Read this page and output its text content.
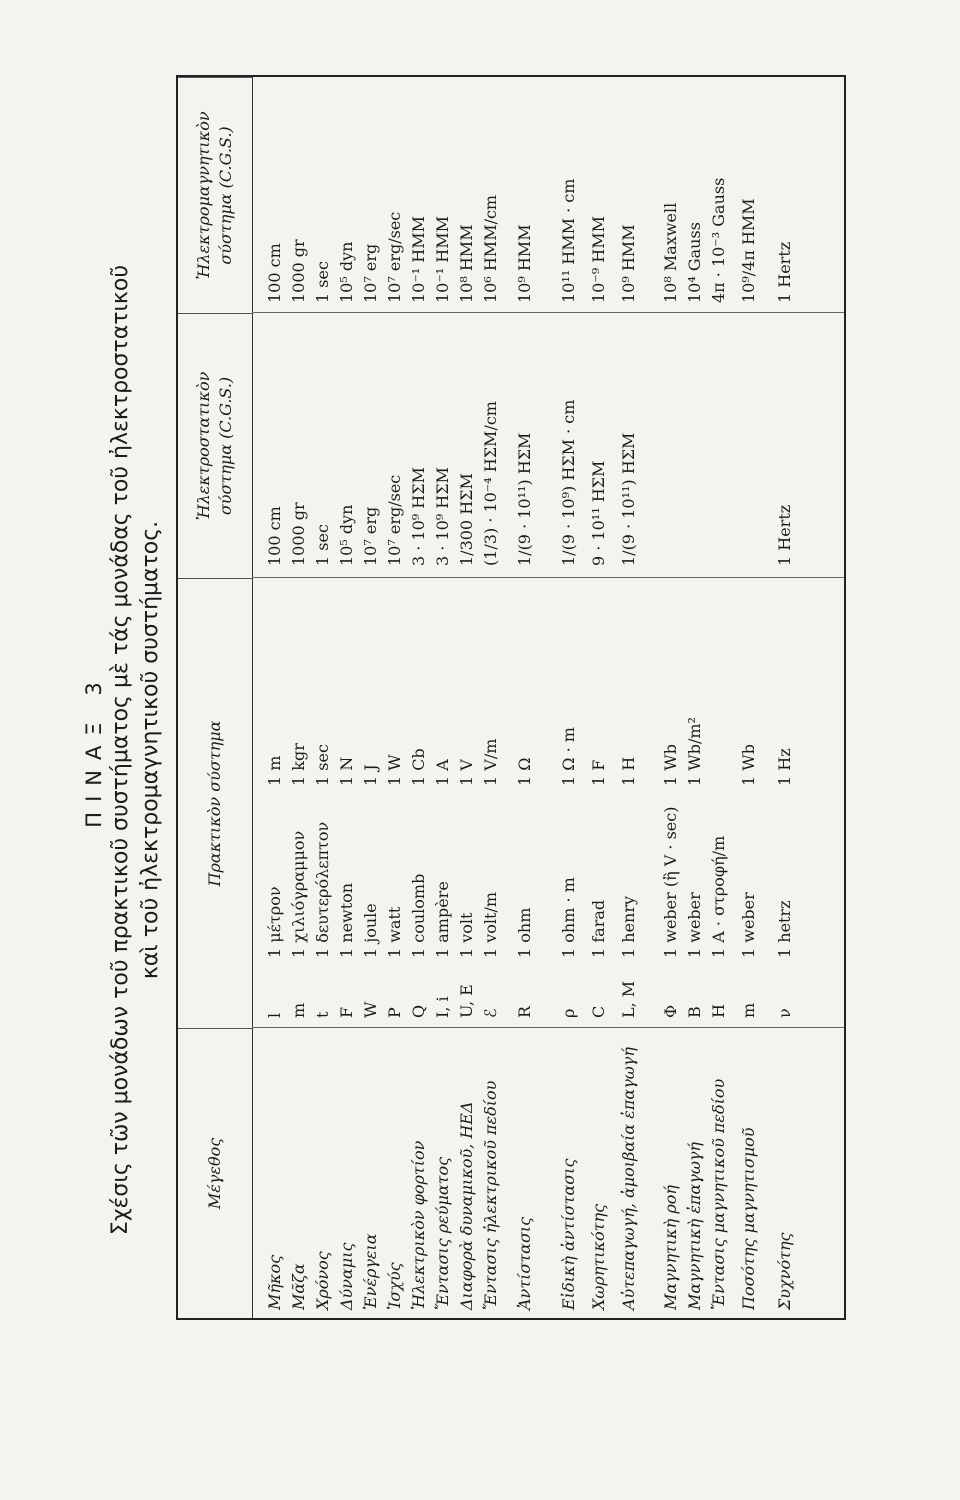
ΠΙΝΑΞ 3 Σχέσις τῶν μονάδων τοῦ πρακτικοῦ συστήματος μὲ τάς μονάδας τοῦ ἠλεκτροστατικοῦ καὶ τοῦ ἠλεκτρομαγνητικοῦ συστήματος.
Μέγεθος
Πρακτικὸν σύστημα
Ἠλεκτροστατικὸν σύστημα (C.G.S.)
Ἠλεκτρομαγνητικὸν σύστημα (C.G.S.)
Μῆκος
l
1 μέτρον
1 m
100 cm
100 cm
Μᾶζα
m
1 χιλιόγραμμον
1 kgr
1000 gr
1000 gr
Χρόνος
t
1 δευτερόλεπτον
1 sec
1 sec
1 sec
Δύναμις
F
1 newton
1 N
10⁵ dyn
10⁵ dyn
Ἐνέργεια
W
1 joule
1 J
10⁷ erg
10⁷ erg
Ἰσχύς
P
1 watt
1 W
10⁷ erg/sec
10⁷ erg/sec
Ἠλεκτρικὸν φορτίον
Q
1 coulomb
1 Cb
3 · 10⁹ ΗΣΜ
10⁻¹ ΗΜΜ
Ἔντασις ρεύματος
I, i
1 ampère
1 A
3 · 10⁹ ΗΣΜ
10⁻¹ ΗΜΜ
Διαφορὰ δυναμικοῦ, ΗΕΔ
U, E
1 volt
1 V
1/300 ΗΣΜ
10⁸ ΗΜΜ
Ἔντασις ἠλεκτρικοῦ πεδίου
ℰ
1 volt/m
1 V/m
(1/3) · 10⁻⁴ ΗΣΜ/cm
10⁶ ΗΜΜ/cm
Ἀντίστασις
R
1 ohm
1 Ω
1/(9 · 10¹¹) ΗΣΜ
10⁹ ΗΜΜ
Εἰδικὴ ἀντίστασις
ρ
1 ohm · m
1 Ω · m
1/(9 · 10⁹) ΗΣΜ · cm
10¹¹ ΗΜΜ · cm
Χωρητικότης
C
1 farad
1 F
9 · 10¹¹ ΗΣΜ
10⁻⁹ ΗΜΜ
Αὐτεπαγωγή, ἀμοιβαία ἐπαγωγή
L, M
1 henry
1 H
1/(9 · 10¹¹) ΗΣΜ
10⁹ ΗΜΜ
Μαγνητικὴ ροή
Φ
1 weber (ἢ V · sec)
1 Wb
10⁸ Maxwell
Μαγνητικὴ ἐπαγωγή
B
1 weber
1 Wb/m²
10⁴ Gauss
Ἔντασις μαγνητικοῦ πεδίου
H
1 A · στροφή/m
4π · 10⁻³ Gauss
Ποσότης μαγνητισμοῦ
m
1 weber
1 Wb
10⁹/4π ΗΜΜ
Συχνότης
ν
1 hetrz
1 Hz
1 Hertz
1 Hertz
